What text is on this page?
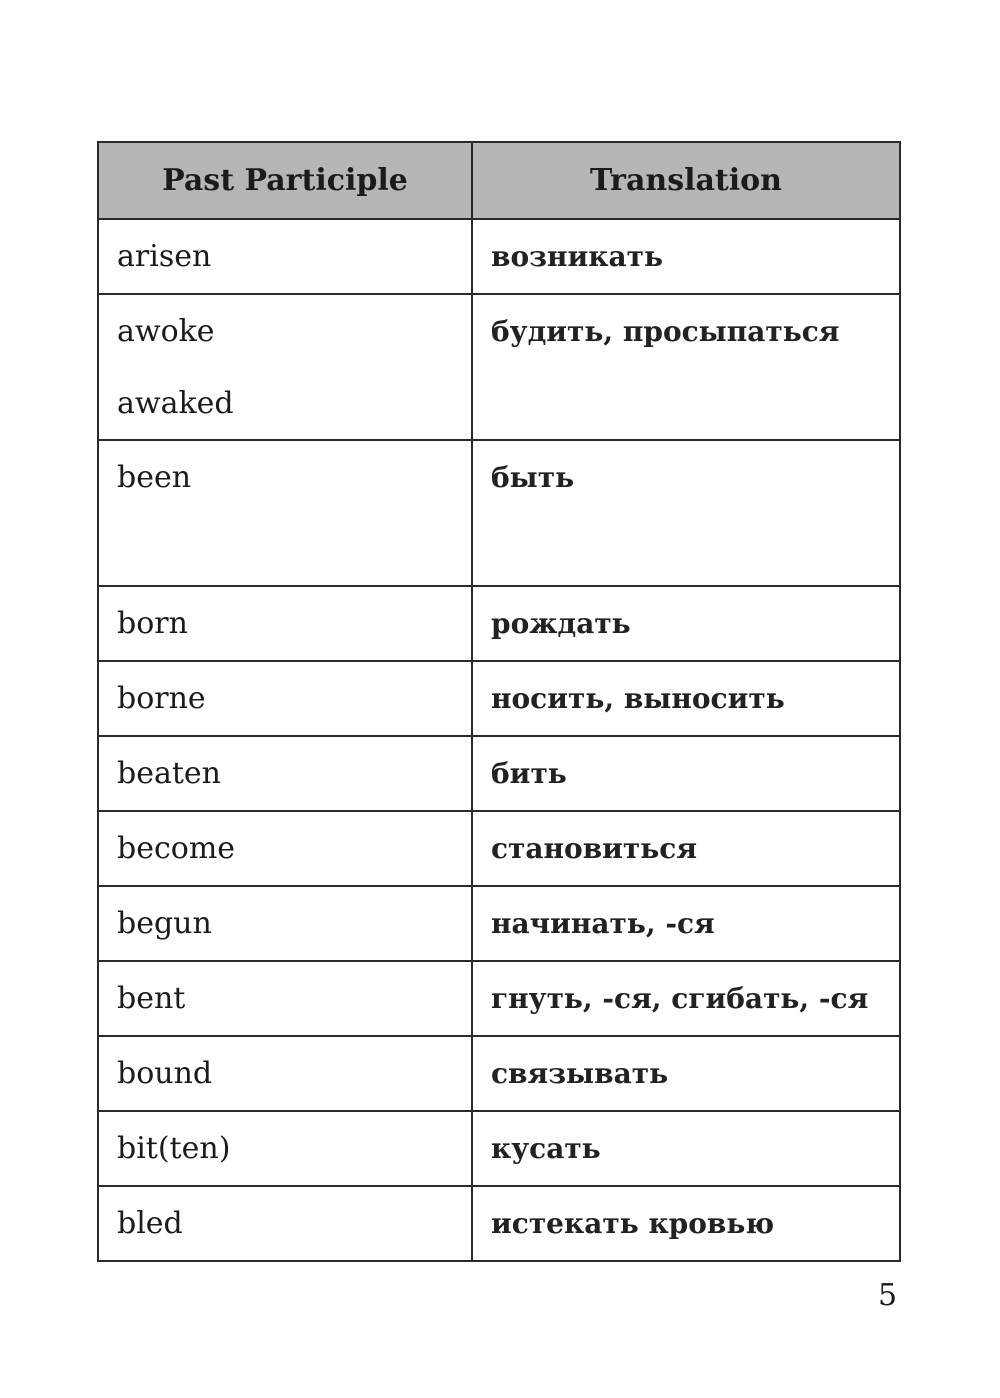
Past Participle	Translation

arisen	возникать

awoke
awaked	будить, просыпаться

been	быть

born	рождать

borne	носить, выносить

beaten	бить

become	становиться

begun	начинать, -ся

bent	гнуть, -ся, сгибать, -ся

bound	связывать

bit(ten)	кусать

bled	истекать кровью
5
